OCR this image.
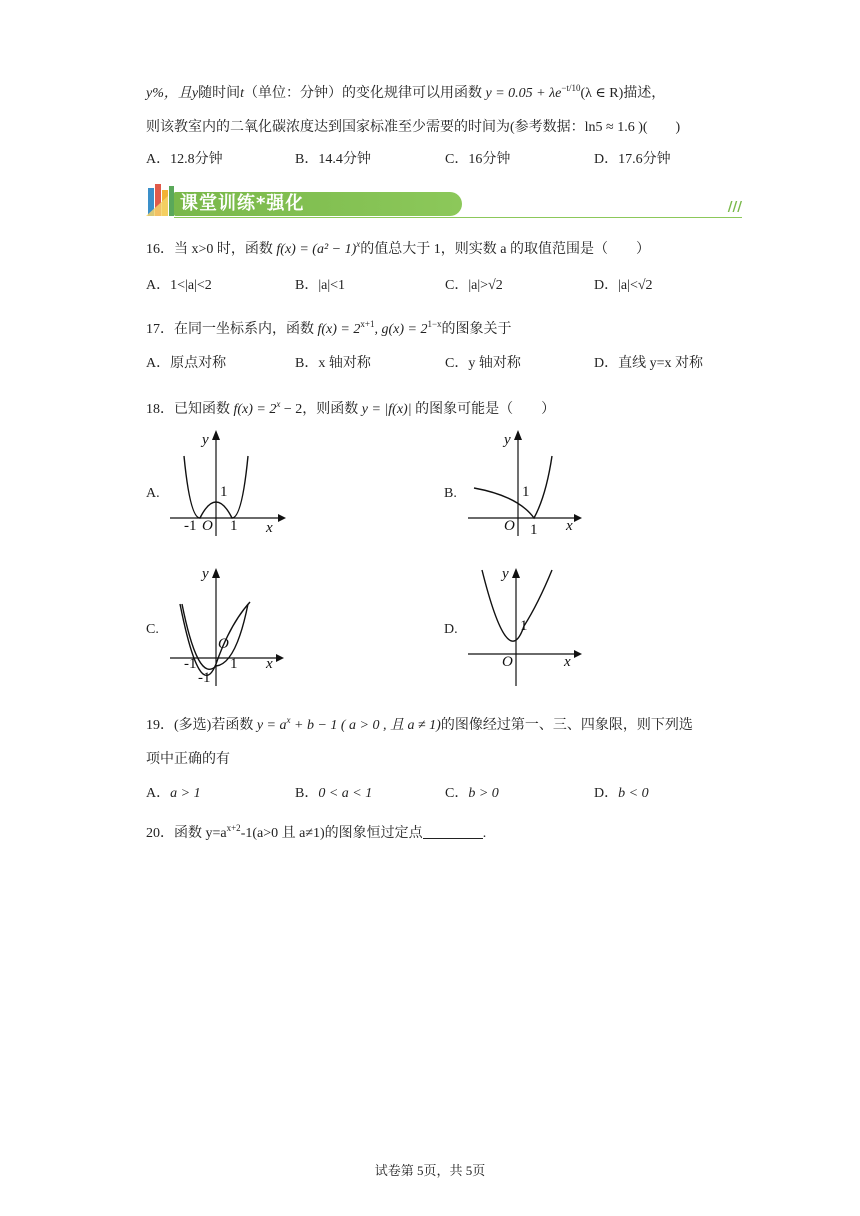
y%，且y随时间t（单位：分钟）的变化规律可以用函数 $y = 0.05 + \lambda e^{-t/10}(\lambda$ ∈ R)描述，
则该教室内的二氧化碳浓度达到国家标准至少需要的时间为(参考数据：ln5 ≈ 1.6 )(　　)
A．12.8分钟	B．14.4分钟	C．16分钟	D．17.6分钟
课堂训练*强化	///
16．当 x>0 时，函数 $f(x) = (a^2 - 1)^x$的值总大于 1，则实数 a 的取值范围是（　　）
A．1<|a|<2	B．|a|<1	C．|a|>√2	D．|a|<√2
17．在同一坐标系内，函数 $f(x) = 2^{x+1}$, $g(x) = 2^{1-x}$的图象关于
A．原点对称	B．x 轴对称	C．y 轴对称	D．直线 y=x 对称
18．已知函数 $f(x) = 2^x - 2$，则函数 y = |f(x)| 的图象可能是（　　）
A.
y
x
1
-1 O 1
B.
y
x
1
O 1
C.
y
x
O
-1 1
-1
D.
y
x
1
O
19．(多选)若函数 $y = a^x + b - 1$ ( a > 0 , 且 a ≠ 1)的图像经过第一、三、四象限，则下列选
项中正确的有
A．a > 1	B．0 < a < 1	C．b > 0	D．b < 0
20．函数 $y=a^{x+2}-1(a>0$ 且 a≠1)的图象恒过定点	.
试卷第 5页，共 5页
